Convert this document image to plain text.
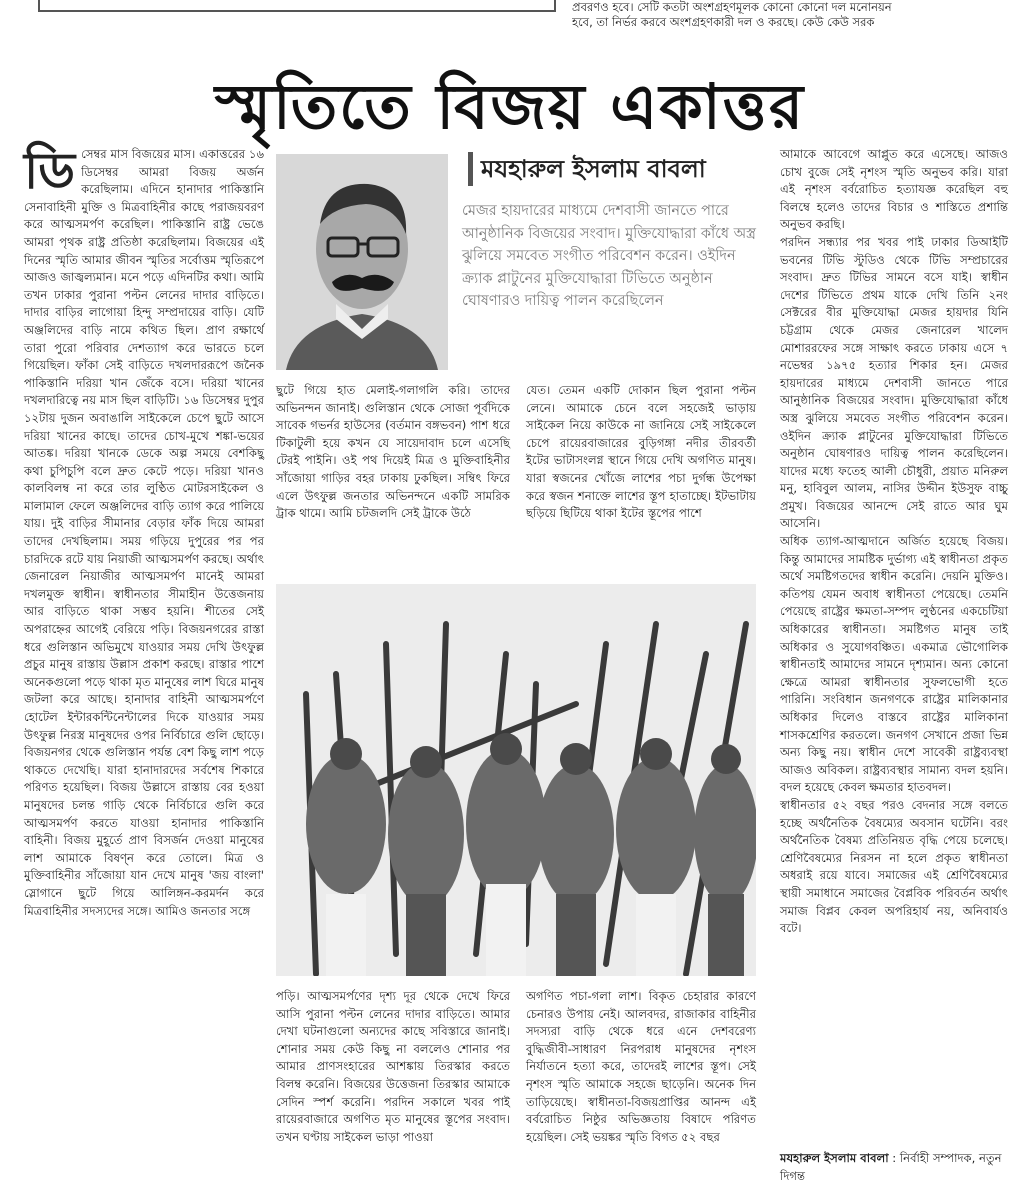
প্রবরণও হবে। সেটি কতটা অংশগ্রহণমূলক কোনো কোনো দল মনোনয়ন
হবে, তা নির্ভর করবে অংশগ্রহণকারী দল ও করছে। কেউ কেউ সরক
স্মৃতিতে বিজয় একাত্তর
ডি সেম্বর মাস বিজয়ের মাস। একাত্তরের ১৬ ডিসেম্বর আমরা বিজয় অর্জন করেছিলাম। এদিনে হানাদার পাকিস্তানি সেনাবাহিনী মুক্তি ও মিত্রবাহিনীর কাছে পরাজয়বরণ করে আত্মসমর্পণ করেছিল। পাকিস্তানি রাষ্ট্র ভেঙে আমরা পৃথক রাষ্ট্র প্রতিষ্ঠা করেছিলাম। বিজয়ের এই দিনের স্মৃতি আমার জীবন স্মৃতির সর্বোত্তম স্মৃতিরূপে আজও জাজ্বল্যমান। মনে পড়ে এদিনটির কথা। আমি তখন ঢাকার পুরানা পল্টন লেনের দাদার বাড়িতে। দাদার বাড়ির লাগোয়া হিন্দু সম্প্রদায়ের বাড়ি। যেটি অঞ্জলিদের বাড়ি নামে কথিত ছিল। প্রাণ রক্ষার্থে তারা পুরো পরিবার দেশত্যাগ করে ভারতে চলে গিয়েছিল। ফাঁকা সেই বাড়িতে দখলদাররূপে জনৈক পাকিস্তানি দরিয়া খান জেঁকে বসে। দরিয়া খানের দখলদারিত্বে নয় মাস ছিল বাড়িটি। ১৬ ডিসেম্বর দুপুর ১২টায় দুজন অবাঙালি সাইকেলে চেপে ছুটে আসে দরিয়া খানের কাছে। তাদের চোখ-মুখে শঙ্কা-ভয়ের আতঙ্ক। দরিয়া খানকে ডেকে অল্প সময়ে বেশকিছু কথা চুপিচুপি বলে দ্রুত কেটে পড়ে। দরিয়া খানও কালবিলম্ব না করে তার লুণ্ঠিত মোটরসাইকেল ও মালামাল ফেলে অঞ্জলিদের বাড়ি ত্যাগ করে পালিয়ে যায়। দুই বাড়ির সীমানার বেড়ার ফাঁক দিয়ে আমরা তাদের দেখছিলাম। সময় গড়িয়ে দুপুরের পর পর চারদিকে রটে যায় নিয়াজী আত্মসমর্পণ করছে। অর্থাৎ জেনারেল নিয়াজীর আত্মসমর্পণ মানেই আমরা দখলমুক্ত স্বাধীন। স্বাধীনতার সীমাহীন উত্তেজনায় আর বাড়িতে থাকা সম্ভব হয়নি। শীতের সেই অপরাহ্নের আগেই বেরিয়ে পড়ি। বিজয়নগরের রাস্তা ধরে গুলিস্তান অভিমুখে যাওয়ার সময় দেখি উৎফুল্ল প্রচুর মানুষ রাস্তায় উল্লাস প্রকাশ করছে। রাস্তার পাশে অনেকগুলো পড়ে থাকা মৃত মানুষের লাশ ঘিরে মানুষ জটলা করে আছে। হানাদার বাহিনী আত্মসমর্পণে হোটেল ইন্টারকন্টিনেন্টালের দিকে যাওয়ার সময় উৎফুল্ল নিরস্ত্র মানুষদের ওপর নির্বিচারে গুলি ছোড়ে। বিজয়নগর থেকে গুলিস্তান পর্যন্ত বেশ কিছু লাশ পড়ে থাকতে দেখেছি। যারা হানাদারদের সর্বশেষ শিকারে পরিণত হয়েছিল। বিজয় উল্লাসে রাস্তায় বের হওয়া মানুষদের চলন্ত গাড়ি থেকে নির্বিচারে গুলি করে আত্মসমর্পণ করতে যাওয়া হানাদার পাকিস্তানি বাহিনী। বিজয় মুহূর্তে প্রাণ বিসর্জন দেওয়া মানুষের লাশ আমাকে বিষণ্ন করে তোলে। মিত্র ও মুক্তিবাহিনীর সাঁজোয়া যান দেখে মানুষ 'জয় বাংলা' স্লোগানে ছুটে গিয়ে আলিঙ্গন-করমর্দন করে মিত্রবাহিনীর সদস্যদের সঙ্গে। আমিও জনতার সঙ্গে

মযহারুল ইসলাম বাবলা
মেজর হায়দারের মাধ্যমে দেশবাসী জানতে পারে আনুষ্ঠানিক বিজয়ের সংবাদ। মুক্তিযোদ্ধারা কাঁধে অস্ত্র ঝুলিয়ে সমবেত সংগীত পরিবেশন করেন। ওইদিন ক্র্যাক প্লাটুনের মুক্তিযোদ্ধারা টিভিতে অনুষ্ঠান ঘোষণারও দায়িত্ব পালন করেছিলেন

ছুটে গিয়ে হাত মেলাই-গলাগলি করি। তাদের অভিনন্দন জানাই। গুলিস্তান থেকে সোজা পূর্বদিকে সাবেক গভর্নর হাউসের (বর্তমান বঙ্গভবন) পাশ ধরে টিকাটুলী হয়ে কখন যে সায়েদাবাদ চলে এসেছি টেরই পাইনি। ওই পথ দিয়েই মিত্র ও মুক্তিবাহিনীর সাঁজোয়া গাড়ির বহর ঢাকায় ঢুকছিল। সম্বিৎ ফিরে এলে উৎফুল্ল জনতার অভিনন্দনে একটি সামরিক ট্রাক থামে। আমি চটজলদি সেই ট্রাকে উঠে

যেত। তেমন একটি দোকান ছিল পুরানা পল্টন লেনে। আমাকে চেনে বলে সহজেই ভাড়ায় সাইকেল নিয়ে কাউকে না জানিয়ে সেই সাইকেলে চেপে রায়েরবাজারের বুড়িগঙ্গা নদীর তীরবর্তী ইটের ভাটাসংলগ্ন স্থানে গিয়ে দেখি অগণিত মানুষ। যারা স্বজনের খোঁজে লাশের পচা দুর্গন্ধ উপেক্ষা করে স্বজন শনাক্তে লাশের স্তূপ হাতাচ্ছে। ইটভাটায় ছড়িয়ে ছিটিয়ে থাকা ইটের স্তূপের পাশে

পড়ি। আত্মসমর্পণের দৃশ্য দূর থেকে দেখে ফিরে আসি পুরানা পল্টন লেনের দাদার বাড়িতে। আমার দেখা ঘটনাগুলো অন্যদের কাছে সবিস্তারে জানাই। শোনার সময় কেউ কিছু না বললেও শোনার পর আমার প্রাণসংহারের আশঙ্কায় তিরস্কার করতে বিলম্ব করেনি। বিজয়ের উত্তেজনা তিরস্কার আমাকে সেদিন স্পর্শ করেনি। পরদিন সকালে খবর পাই রায়েরবাজারে অগণিত মৃত মানুষের স্তূপের সংবাদ। তখন ঘণ্টায় সাইকেল ভাড়া পাওয়া

অগণিত পচা-গলা লাশ। বিকৃত চেহারার কারণে চেনারও উপায় নেই। আলবদর, রাজাকার বাহিনীর সদস্যরা বাড়ি থেকে ধরে এনে দেশবরেণ্য বুদ্ধিজীবী-সাধারণ নিরপরাধ মানুষদের নৃশংস নির্যাতনে হত্যা করে, তাদেরই লাশের স্তূপ। সেই নৃশংস স্মৃতি আমাকে সহজে ছাড়েনি। অনেক দিন তাড়িয়েছে। স্বাধীনতা-বিজয়প্রাপ্তির আনন্দ এই বর্বরোচিত নিষ্ঠুর অভিজ্ঞতায় বিষাদে পরিণত হয়েছিল। সেই ভয়ঙ্কর স্মৃতি বিগত ৫২ বছর

আমাকে আবেগে আপ্লুত করে এসেছে। আজও চোখ বুজে সেই নৃশংস স্মৃতি অনুভব করি। যারা এই নৃশংস বর্বরোচিত হত্যাযজ্ঞ করেছিল বহু বিলম্বে হলেও তাদের বিচার ও শাস্তিতে প্রশান্তি অনুভব করছি।

পরদিন সন্ধ্যার পর খবর পাই ঢাকার ডিআইটি ভবনের টিভি স্টুডিও থেকে টিভি সম্প্রচারের সংবাদ। দ্রুত টিভির সামনে বসে যাই। স্বাধীন দেশের টিভিতে প্রথম যাকে দেখি তিনি ২নং সেক্টরের বীর মুক্তিযোদ্ধা মেজর হায়দার যিনি চট্টগ্রাম থেকে মেজর জেনারেল খালেদ মোশাররফের সঙ্গে সাক্ষাৎ করতে ঢাকায় এসে ৭ নভেম্বর ১৯৭৫ হত্যার শিকার হন। মেজর হায়দারের মাধ্যমে দেশবাসী জানতে পারে আনুষ্ঠানিক বিজয়ের সংবাদ। মুক্তিযোদ্ধারা কাঁধে অস্ত্র ঝুলিয়ে সমবেত সংগীত পরিবেশন করেন। ওইদিন ক্র্যাক প্লাটুনের মুক্তিযোদ্ধারা টিভিতে অনুষ্ঠান ঘোষণারও দায়িত্ব পালন করেছিলেন। যাদের মধ্যে ফতেহ আলী চৌধুরী, প্রয়াত মনিরুল মনু, হাবিবুল আলম, নাসির উদ্দীন ইউসুফ বাচ্চু প্রমুখ। বিজয়ের আনন্দে সেই রাতে আর ঘুম আসেনি।

অধিক ত্যাগ-আত্মদানে অর্জিত হয়েছে বিজয়। কিন্তু আমাদের সামষ্টিক দুর্ভাগ্য এই স্বাধীনতা প্রকৃত অর্থে সমষ্টিগতদের স্বাধীন করেনি। দেয়নি মুক্তিও। কতিপয় যেমন অবাধ স্বাধীনতা পেয়েছে। তেমনি পেয়েছে রাষ্ট্রের ক্ষমতা-সম্পদ লুণ্ঠনের একচেটিয়া অধিকারের স্বাধীনতা। সমষ্টিগত মানুষ তাই অধিকার ও সুযোগবঞ্চিত। একমাত্র ভৌগোলিক স্বাধীনতাই আমাদের সামনে দৃশ্যমান। অন্য কোনো ক্ষেত্রে আমরা স্বাধীনতার সুফলভোগী হতে পারিনি। সংবিধান জনগণকে রাষ্ট্রের মালিকানার অধিকার দিলেও বাস্তবে রাষ্ট্রের মালিকানা শাসকশ্রেণির করতলে। জনগণ সেখানে প্রজা ভিন্ন অন্য কিছু নয়। স্বাধীন দেশে সাবেকী রাষ্ট্রব্যবস্থা আজও অবিকল। রাষ্ট্রব্যবস্থার সামান্য বদল হয়নি। বদল হয়েছে কেবল ক্ষমতার হাতবদল।

স্বাধীনতার ৫২ বছর পরও বেদনার সঙ্গে বলতে হচ্ছে অর্থনৈতিক বৈষম্যের অবসান ঘটেনি। বরং অর্থনৈতিক বৈষম্য প্রতিনিয়ত বৃদ্ধি পেয়ে চলেছে। শ্রেণিবৈষম্যের নিরসন না হলে প্রকৃত স্বাধীনতা অধরাই রয়ে যাবে। সমাজের এই শ্রেণিবৈষম্যের স্থায়ী সমাধানে সমাজের বৈপ্লবিক পরিবর্তন অর্থাৎ সমাজ বিপ্লব কেবল অপরিহার্য নয়, অনিবার্যও বটে।

মযহারুল ইসলাম বাবলা : নির্বাহী সম্পাদক, নতুন দিগন্ত
